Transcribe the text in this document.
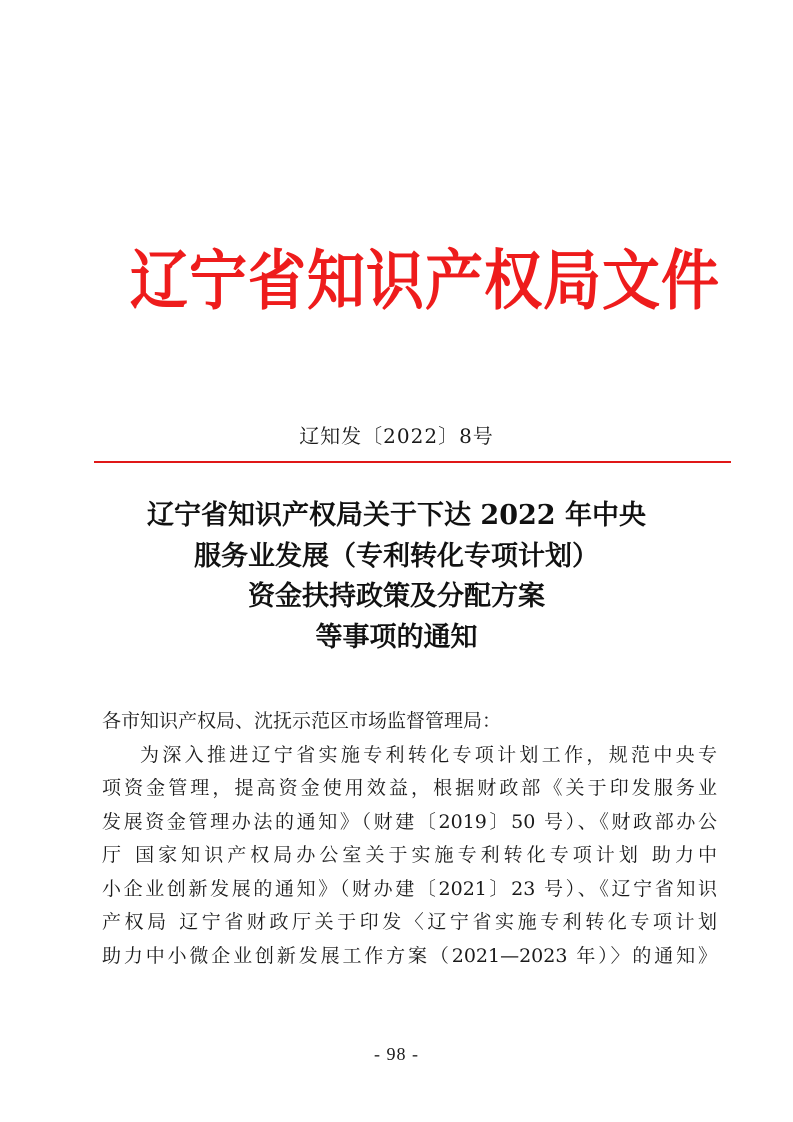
辽宁省知识产权局文件
辽知发〔2022〕8号
辽宁省知识产权局关于下达 2022 年中央
服务业发展（专利转化专项计划）
资金扶持政策及分配方案
等事项的通知
各市知识产权局、沈抚示范区市场监督管理局：
为深入推进辽宁省实施专利转化专项计划工作，规范中央专
项资金管理，提高资金使用效益，根据财政部《关于印发服务业
发展资金管理办法的通知》（财建〔2019〕50 号）、《财政部办公
厅 国家知识产权局办公室关于实施专利转化专项计划 助力中
小企业创新发展的通知》（财办建〔2021〕23 号）、《辽宁省知识
产权局 辽宁省财政厅关于印发〈辽宁省实施专利转化专项计划
助力中小微企业创新发展工作方案（2021—2023 年）〉的通知》
- 98 -
